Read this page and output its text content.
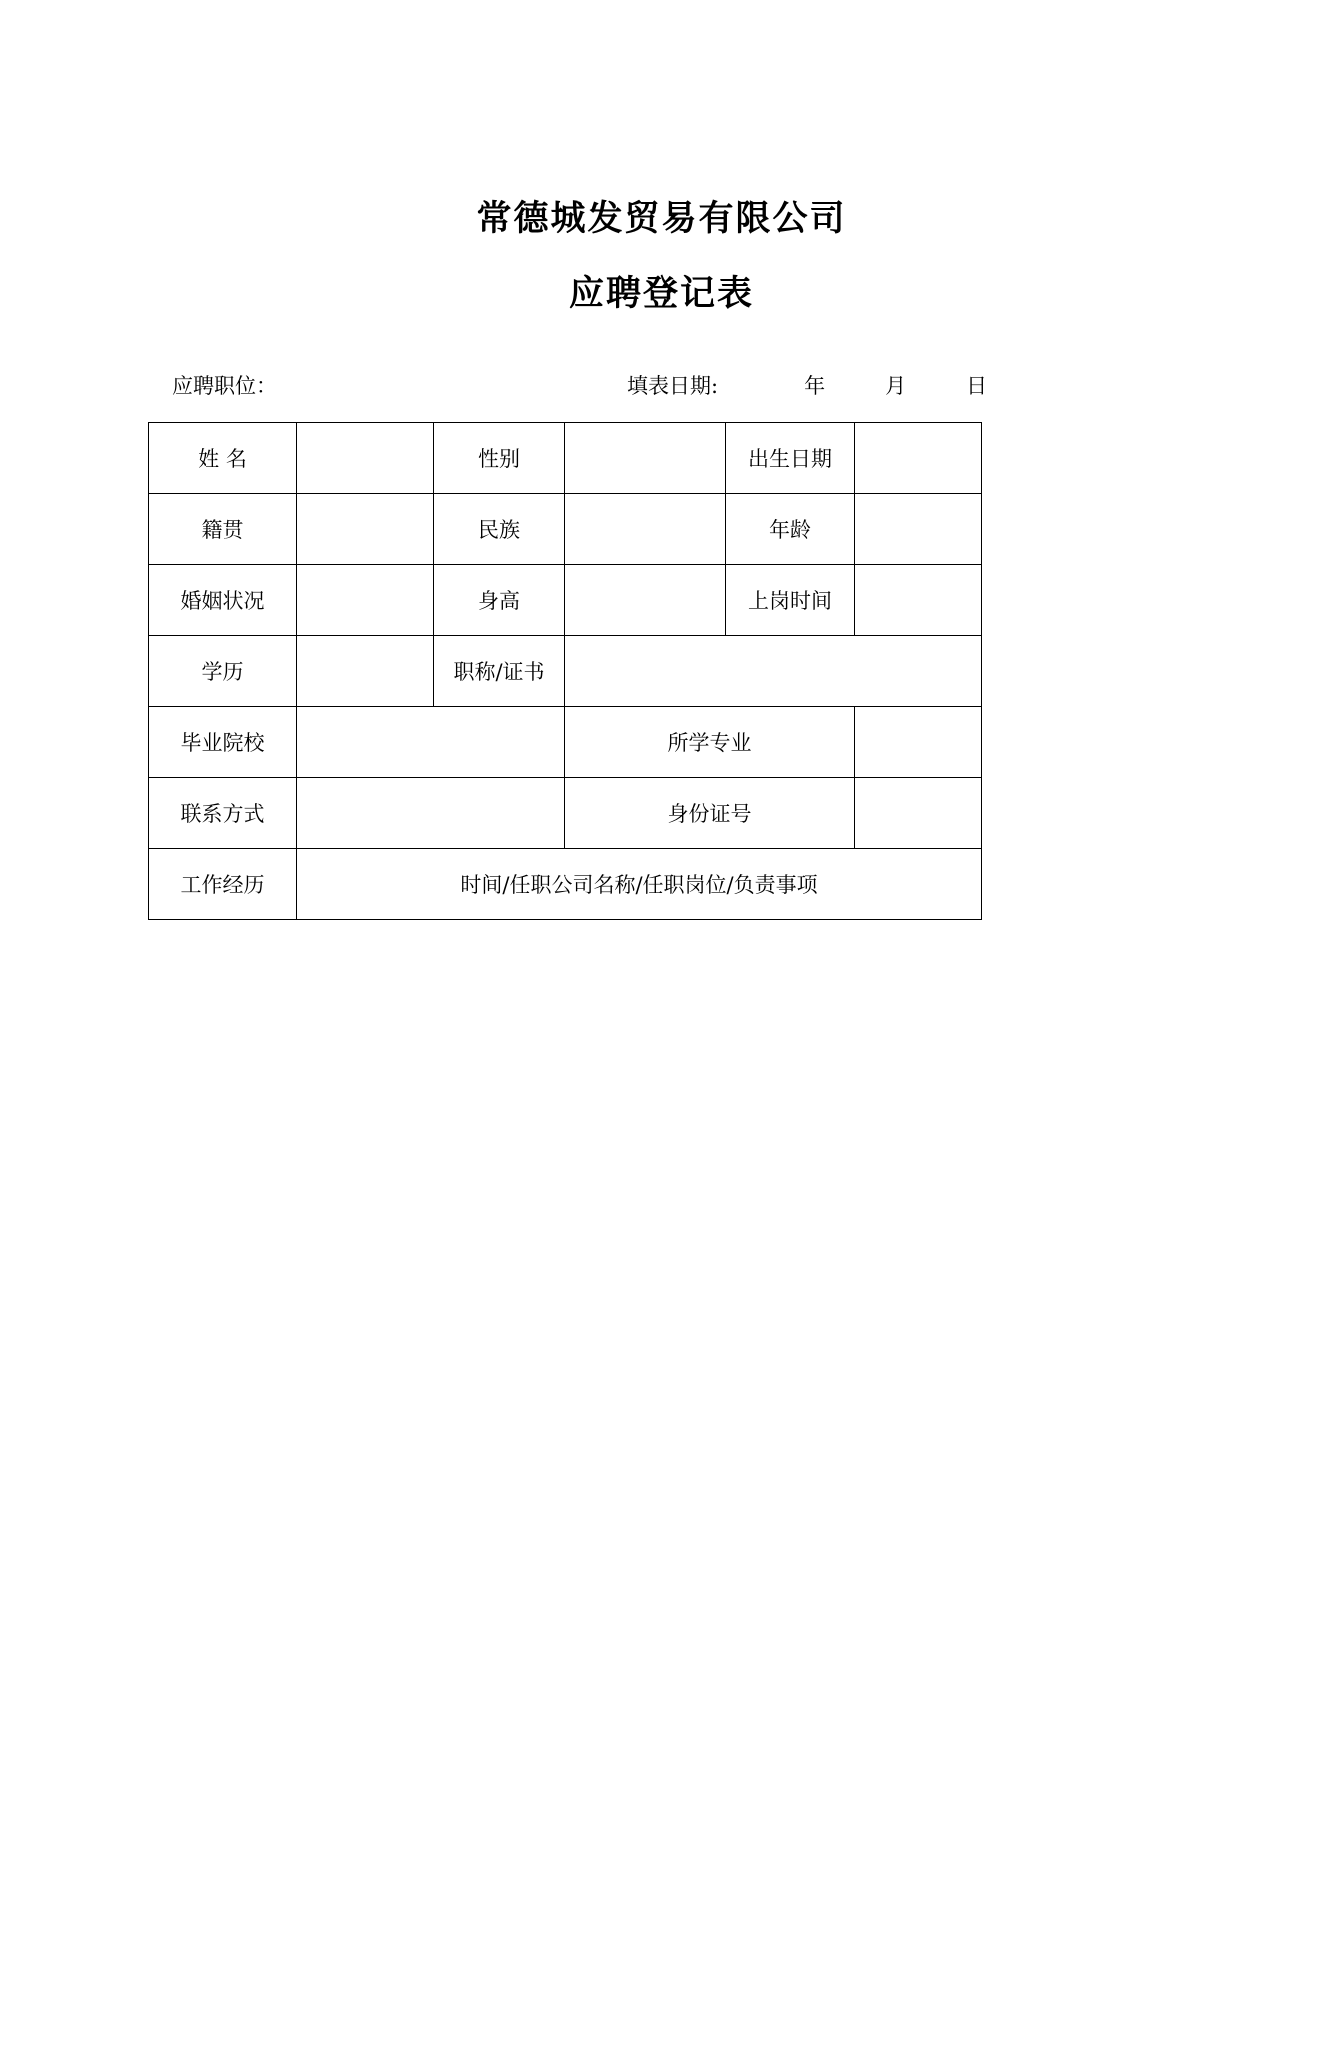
常德城发贸易有限公司
应聘登记表
应聘职位：	填表日期:	年	月	日
姓 名		性别		出生日期	
籍贯		民族		年龄	
婚姻状况		身高		上岗时间	
学历		职称/证书			
毕业院校			所学专业		
联系方式			身份证号		
工作经历	时间/任职公司名称/任职岗位/负责事项				
